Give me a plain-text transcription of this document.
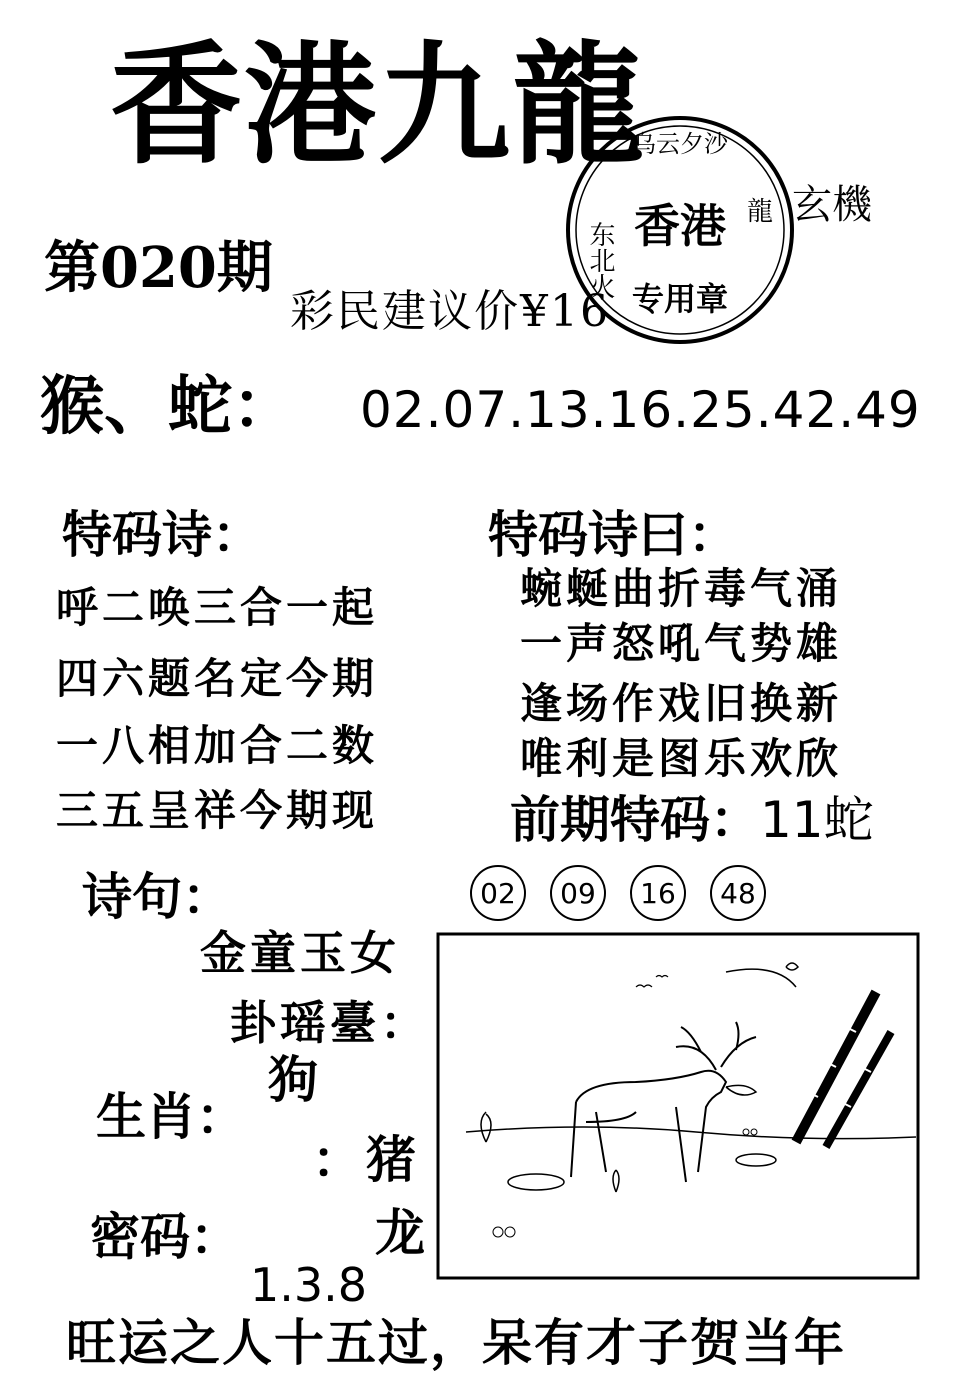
香港九龍
乌云夕沙
东北火 香港
专用章
龍 玄機
第020期
彩民建议价¥16
猴、蛇： 02.07.13.16.25.42.49
特码诗：
呼二唤三合一起
四六题名定今期
一八相加合二数
三五呈祥今期现
特码诗曰：
蜿蜒曲折毒气涌
一声怒吼气势雄
逢场作戏旧换新
唯利是图乐欢欣
前期特码：11蛇
02	09	16	48
诗句：
金童玉女
卦瑶臺：
狗
生肖：
：猪
密码：	龙
1.3.8
旺运之人十五过，呆有才子贺当年
